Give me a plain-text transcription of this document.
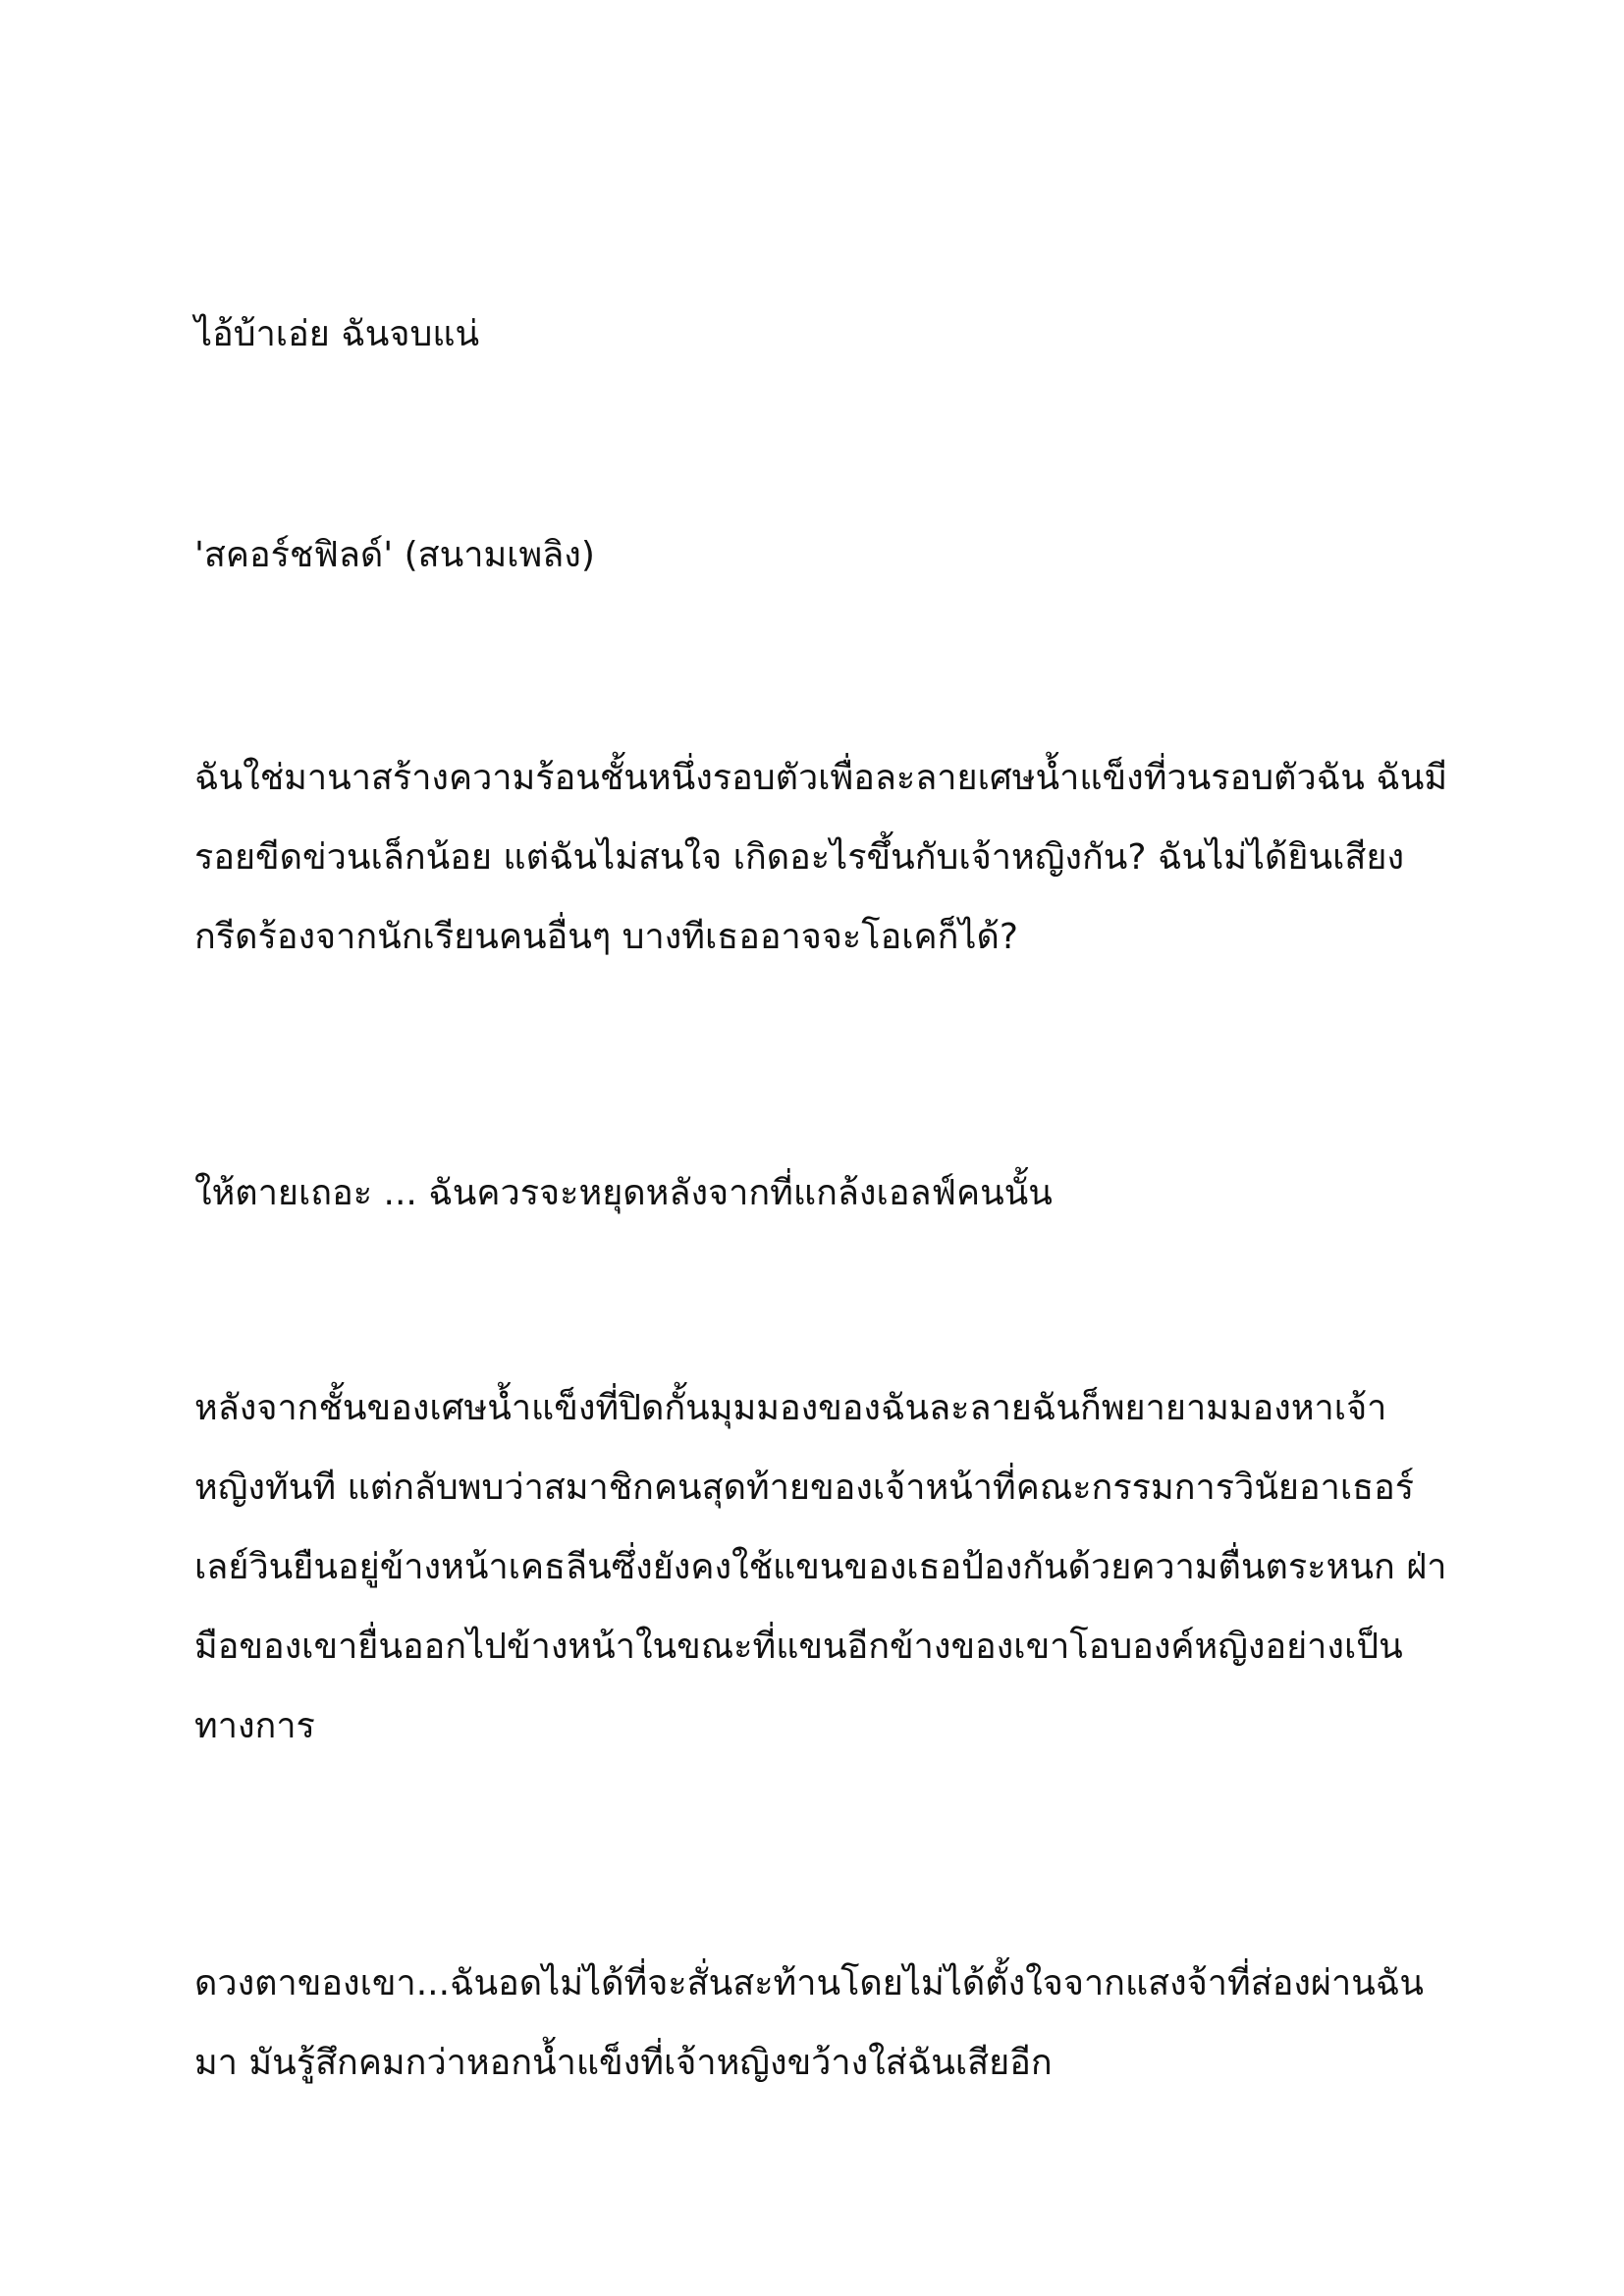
ไอ้บ้าเอ่ย ฉันจบแน่

'สคอร์ชฟิลด์' (สนามเพลิง)

ฉันใช่มานาสร้างความร้อนชั้นหนึ่งรอบตัวเพื่อละลายเศษน้ำแข็งที่วนรอบตัวฉัน ฉันมี
รอยขีดข่วนเล็กน้อย แต่ฉันไม่สนใจ เกิดอะไรขึ้นกับเจ้าหญิงกัน? ฉันไม่ได้ยินเสียง
กรีดร้องจากนักเรียนคนอื่นๆ บางทีเธออาจจะโอเคก็ได้?

ให้ตายเถอะ ... ฉันควรจะหยุดหลังจากที่แกล้งเอลฟ์คนนั้น

หลังจากชั้นของเศษน้ำแข็งที่ปิดกั้นมุมมองของฉันละลายฉันก็พยายามมองหาเจ้า
หญิงทันที แต่กลับพบว่าสมาชิกคนสุดท้ายของเจ้าหน้าที่คณะกรรมการวินัยอาเธอร์
เลย์วินยืนอยู่ข้างหน้าเคธลีนซึ่งยังคงใช้แขนของเธอป้องกันด้วยความตื่นตระหนก ฝ่า
มือของเขายื่นออกไปข้างหน้าในขณะที่แขนอีกข้างของเขาโอบองค์หญิงอย่างเป็น
ทางการ

ดวงตาของเขา...ฉันอดไม่ได้ที่จะสั่นสะท้านโดยไม่ได้ตั้งใจจากแสงจ้าที่ส่องผ่านฉัน
มา มันรู้สึกคมกว่าหอกน้ำแข็งที่เจ้าหญิงขว้างใส่ฉันเสียอีก
